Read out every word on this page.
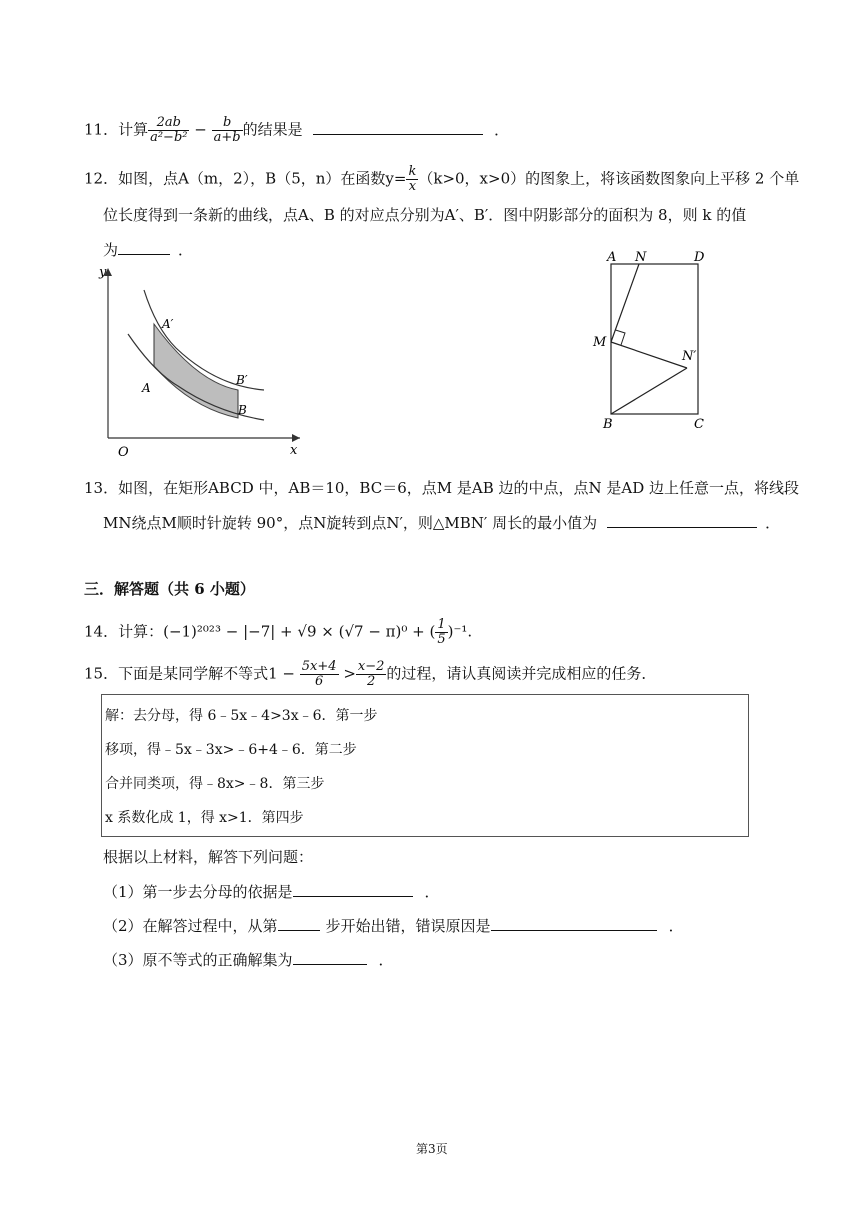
11．计算 $\frac{2ab}{\text{a²−b²}} - \frac{b}{a+b}$ 的结果是	．
12．如图，点A（m，2），B（5，n）在函数$y= \frac{k}{x} (k>0$，x>0）的图象上，将该函数图象向上平移 2 个单
位长度得到一条新的曲线，点A、B 的对应点分别为A′、B′．图中阴影部分的面积为 8，则 k 的值
为	．
y
x
O
A′
A
B′
B
A N	D
M
N′
B	C
13．如图，在矩形ABCD 中，AB＝10，BC＝6，点M 是AB 边的中点，点N 是AD 边上任意一点，将线段
MN绕点M顺时针旋转 90°，点N旋转到点N′，则△MBN′ 周长的最小值为	．
三．解答题（共 6 小题）
14．计算：(−1)²⁰²³ − |−7| + √9 × (√7 − π)⁰ + ( $\frac{1}{5} )^{-1}$.
15．下面是某同学解不等式$1 - \frac{5x+4}{6} > \frac{x-2}{2}$ 的过程，请认真阅读并完成相应的任务．
解：去分母，得 6﹣5x﹣4>3x﹣6．第一步
移项，得﹣5x﹣3x>﹣6+4﹣6．第二步
合并同类项，得﹣8x>﹣8．第三步
x 系数化成 1，得 x>1．第四步
根据以上材料，解答下列问题：
（1）第一步去分母的依据是	．
（2）在解答过程中，从第	步开始出错，错误原因是	．
（3）原不等式的正确解集为	．
第3页
